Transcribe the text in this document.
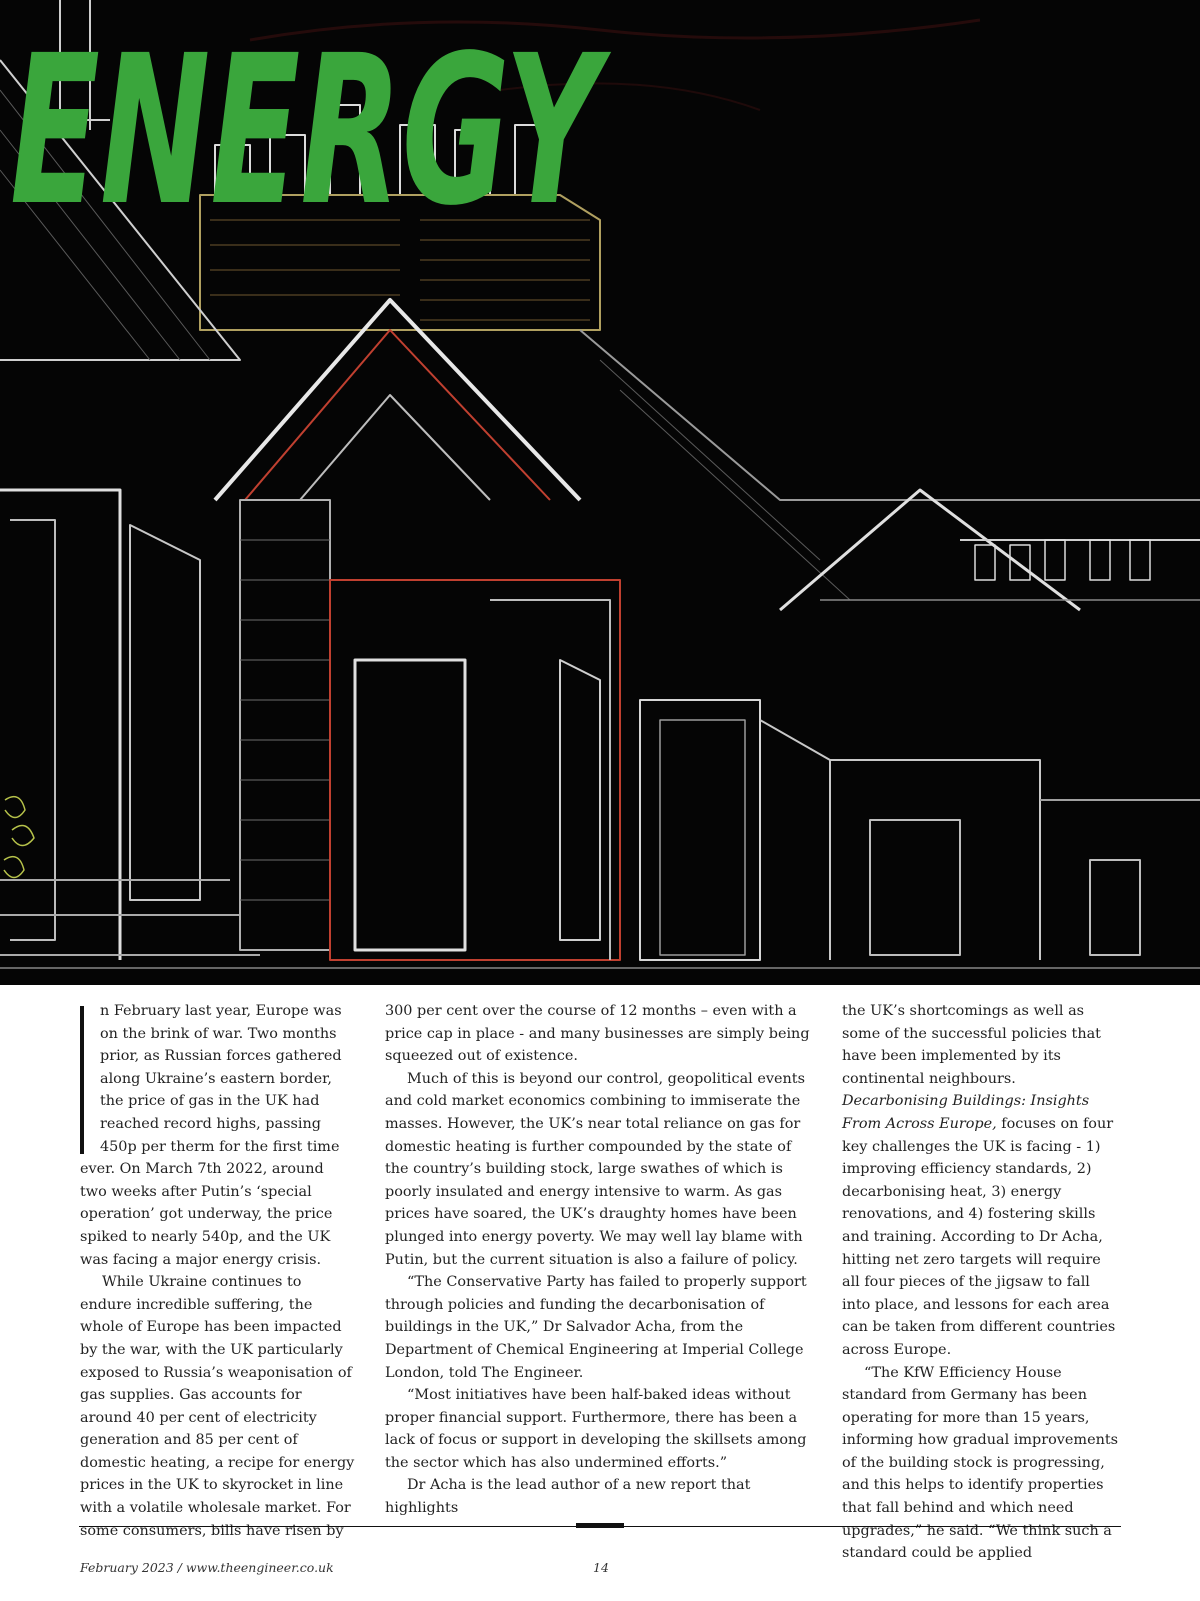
ENERGY

n February last year, Europe was on the brink of war. Two months prior, as Russian forces gathered along Ukraine’s eastern border, the price of gas in the UK had reached record highs, passing 450p per therm for the first time ever. On March 7th 2022, around two weeks after Putin’s ‘special operation’ got underway, the price spiked to nearly 540p, and the UK was facing a major energy crisis.

While Ukraine continues to endure incredible suffering, the whole of Europe has been impacted by the war, with the UK particularly exposed to Russia’s weaponisation of gas supplies. Gas accounts for around 40 per cent of electricity generation and 85 per cent of domestic heating, a recipe for energy prices in the UK to skyrocket in line with a volatile wholesale market. For some consumers, bills have risen by

300 per cent over the course of 12 months – even with a price cap in place - and many businesses are simply being squeezed out of existence.

Much of this is beyond our control, geopolitical events and cold market economics combining to immiserate the masses. However, the UK’s near total reliance on gas for domestic heating is further compounded by the state of the country’s building stock, large swathes of which is poorly insulated and energy intensive to warm. As gas prices have soared, the UK’s draughty homes have been plunged into energy poverty. We may well lay blame with Putin, but the current situation is also a failure of policy.

“The Conservative Party has failed to properly support through policies and funding the decarbonisation of buildings in the UK,” Dr Salvador Acha, from the Department of Chemical Engineering at Imperial College London, told The Engineer.

“Most initiatives have been half-baked ideas without proper financial support. Furthermore, there has been a lack of focus or support in developing the skillsets among the sector which has also undermined efforts.”

Dr Acha is the lead author of a new report that highlights

the UK’s shortcomings as well as some of the successful policies that have been implemented by its continental neighbours. Decarbonising Buildings: Insights From Across Europe, focuses on four key challenges the UK is facing - 1) improving efficiency standards, 2) decarbonising heat, 3) energy renovations, and 4) fostering skills and training. According to Dr Acha, hitting net zero targets will require all four pieces of the jigsaw to fall into place, and lessons for each area can be taken from different countries across Europe.

“The KfW Efficiency House standard from Germany has been operating for more than 15 years, informing how gradual improvements of the building stock is progressing, and this helps to identify properties that fall behind and which need upgrades,” he said. “We think such a standard could be applied

February 2023 / www.theengineer.co.uk	14
